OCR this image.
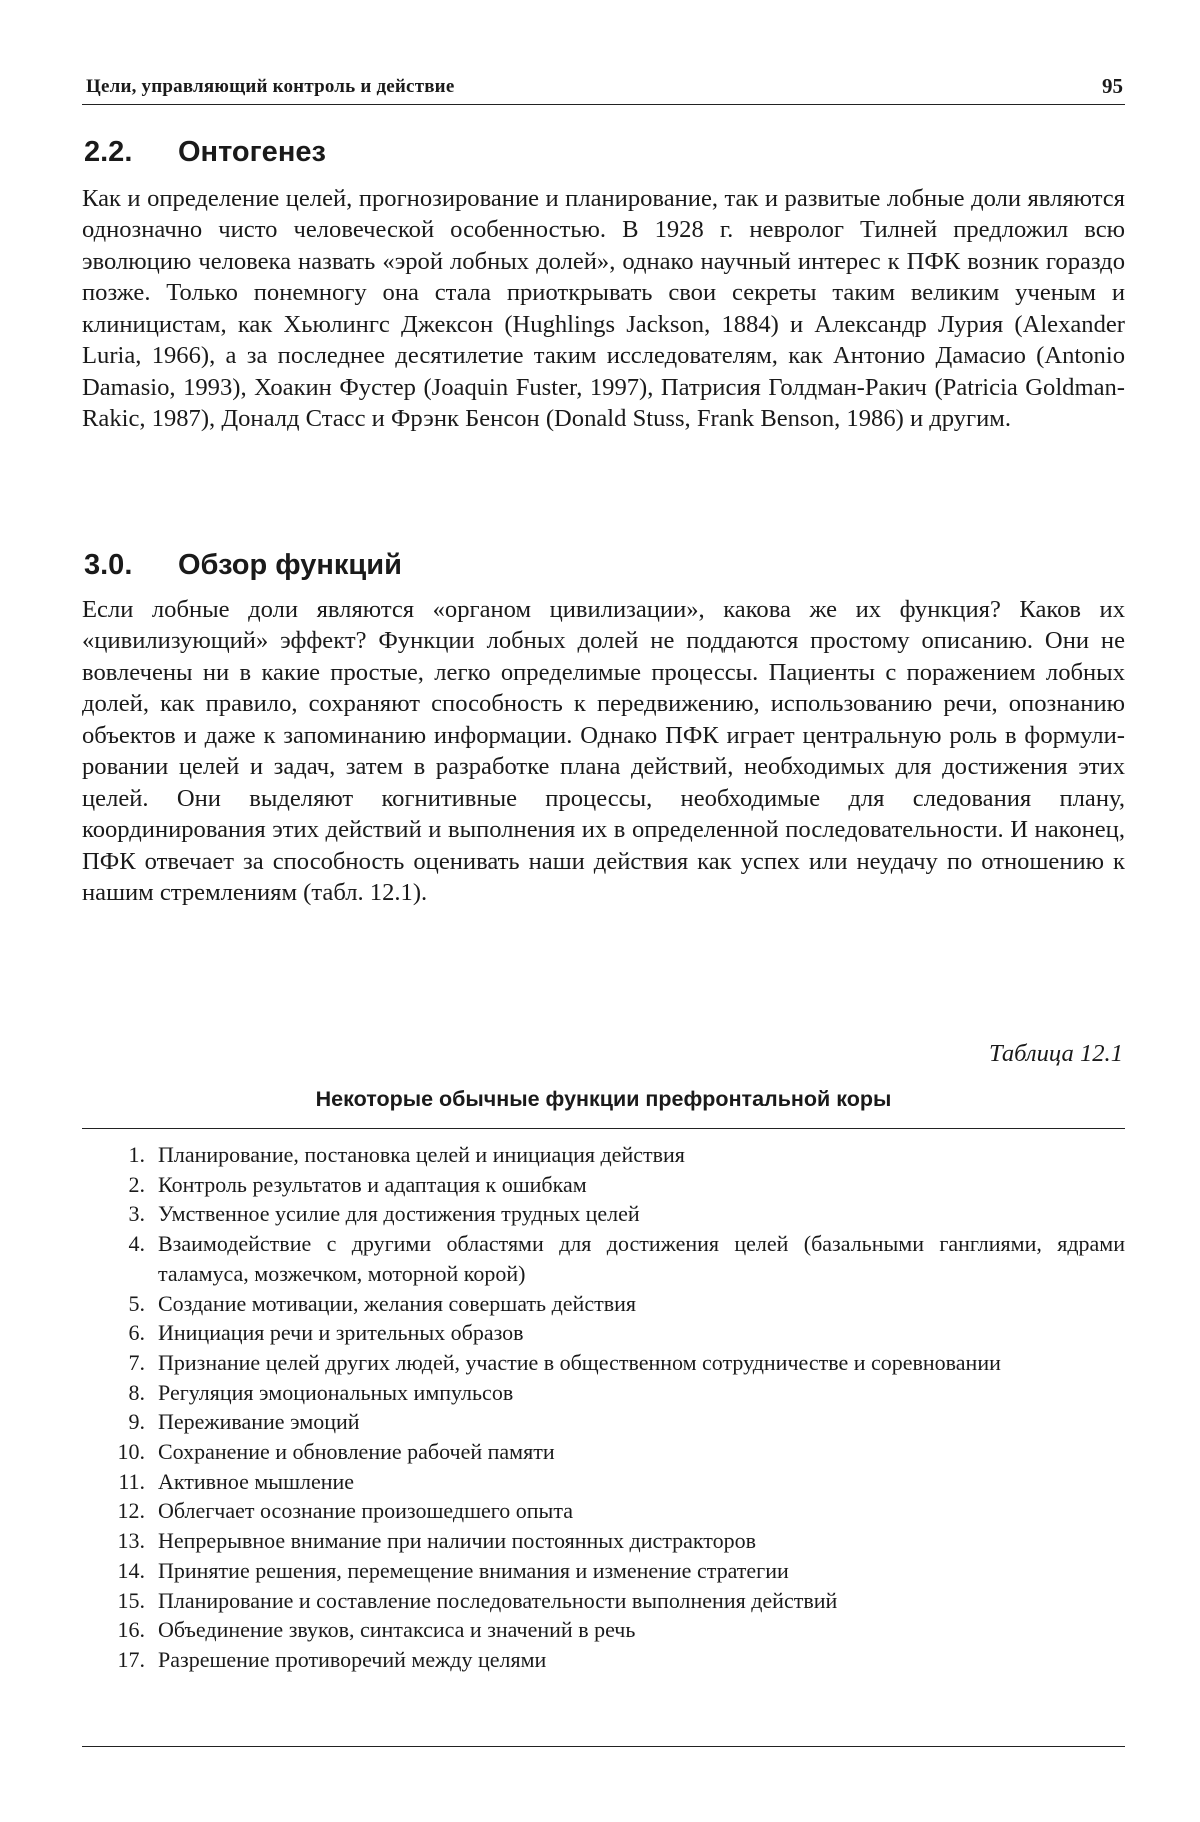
Цели, управляющий контроль и действие	95
2.2. Онтогенез

Как и определение целей, прогнозирование и планирование, так и развитые лобные доли являются однозначно чисто человеческой особенностью. В 1928 г. невролог Тилней предложил всю эволюцию человека назвать «эрой лобных долей», однако научный интерес к ПФК возник гораздо позже. Только понемногу она стала приоткрывать свои секреты таким великим ученым и клиницистам, как Хьюлингс Джексон (Hughlings Jackson, 1884) и Александр Лурия (Alexander Luria, 1966), а за последнее десятилетие таким исследователям, как Антонио Дамасио (Antonio Damasio, 1993), Хоакин Фустер (Joaquin Fuster, 1997), Патрисия Голдман-Ракич (Patricia Goldman-Rakic, 1987), Доналд Стасс и Фрэнк Бенсон (Donald Stuss, Frank Benson, 1986) и другим.

3.0. Обзор функций

Если лобные доли являются «органом цивилизации», какова же их функция? Каков их «цивилизующий» эффект? Функции лобных долей не поддаются простому описанию. Они не вовлечены ни в какие простые, легко определимые процессы. Пациенты с поражением лобных долей, как правило, сохраняют способность к передвижению, использованию речи, опознанию объектов и даже к запоминанию информации. Однако ПФК играет центральную роль в формулировании целей и задач, затем в разработке плана действий, необходимых для достижения этих целей. Они выделяют когнитивные процессы, необходимые для следования плану, координирования этих действий и выполнения их в определенной последовательности. И наконец, ПФК отвечает за способность оценивать наши действия как успех или неудачу по отношению к нашим стремлениям (табл. 12.1).

Таблица 12.1
Некоторые обычные функции префронтальной коры
1. Планирование, постановка целей и инициация действия
2. Контроль результатов и адаптация к ошибкам
3. Умственное усилие для достижения трудных целей
4. Взаимодействие с другими областями для достижения целей (базальными ганглиями, ядрами таламуса, мозжечком, моторной корой)
5. Создание мотивации, желания совершать действия
6. Инициация речи и зрительных образов
7. Признание целей других людей, участие в общественном сотрудничестве и соревновании
8. Регуляция эмоциональных импульсов
9. Переживание эмоций
10. Сохранение и обновление рабочей памяти
11. Активное мышление
12. Облегчает осознание произошедшего опыта
13. Непрерывное внимание при наличии постоянных дистракторов
14. Принятие решения, перемещение внимания и изменение стратегии
15. Планирование и составление последовательности выполнения действий
16. Объединение звуков, синтаксиса и значений в речь
17. Разрешение противоречий между целями
